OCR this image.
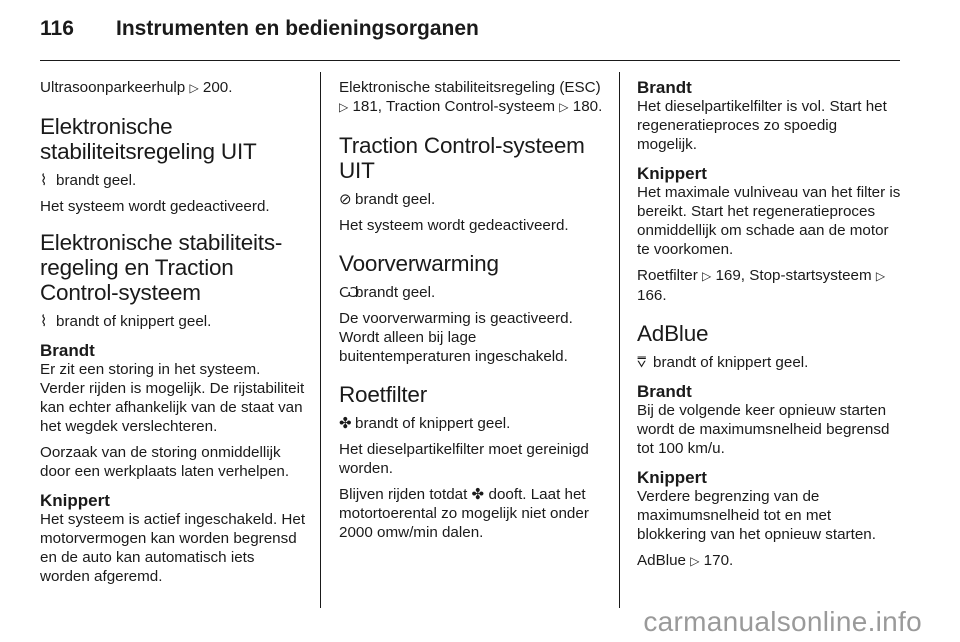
116 Instrumenten en bedieningsorganen

Ultrasoonparkeerhulp ▷ 200.

Elektronische stabiliteitsregeling UIT

⌇ brandt geel.

Het systeem wordt gedeactiveerd.

Elektronische stabiliteitsregeling en Traction Control-systeem

⌇ brandt of knippert geel.

Brandt

Er zit een storing in het systeem. Verder rijden is mogelijk. De rijstabiliteit kan echter afhankelijk van de staat van het wegdek verslechteren.

Oorzaak van de storing onmiddellijk door een werkplaats laten verhelpen.

Knippert

Het systeem is actief ingeschakeld. Het motorvermogen kan worden begrensd en de auto kan automatisch iets worden afgeremd.

Elektronische stabiliteitsregeling (ESC) ▷ 181, Traction Control-systeem ▷ 180.

Traction Control-systeem UIT

⊘ brandt geel.

Het systeem wordt gedeactiveerd.

Voorverwarming

Ѡbrandt geel.

De voorverwarming is geactiveerd. Wordt alleen bij lage buitentemperaturen ingeschakeld.

Roetfilter

✤ brandt of knippert geel.

Het dieselpartikelfilter moet gereinigd worden.

Blijven rijden totdat ✤ dooft. Laat het motortoerental zo mogelijk niet onder 2000 omw/min dalen.

Brandt

Het dieselpartikelfilter is vol. Start het regeneratieproces zo spoedig mogelijk.

Knippert

Het maximale vulniveau van het filter is bereikt. Start het regeneratieproces onmiddellijk om schade aan de motor te voorkomen.

Roetfilter ▷ 169, Stop-startsysteem ▷ 166.

AdBlue

⩢ brandt of knippert geel.

Brandt

Bij de volgende keer opnieuw starten wordt de maximumsnelheid begrensd tot 100 km/u.

Knippert

Verdere begrenzing van de maximumsnelheid tot en met blokkering van het opnieuw starten.

AdBlue ▷ 170.

carmanualsonline.info
